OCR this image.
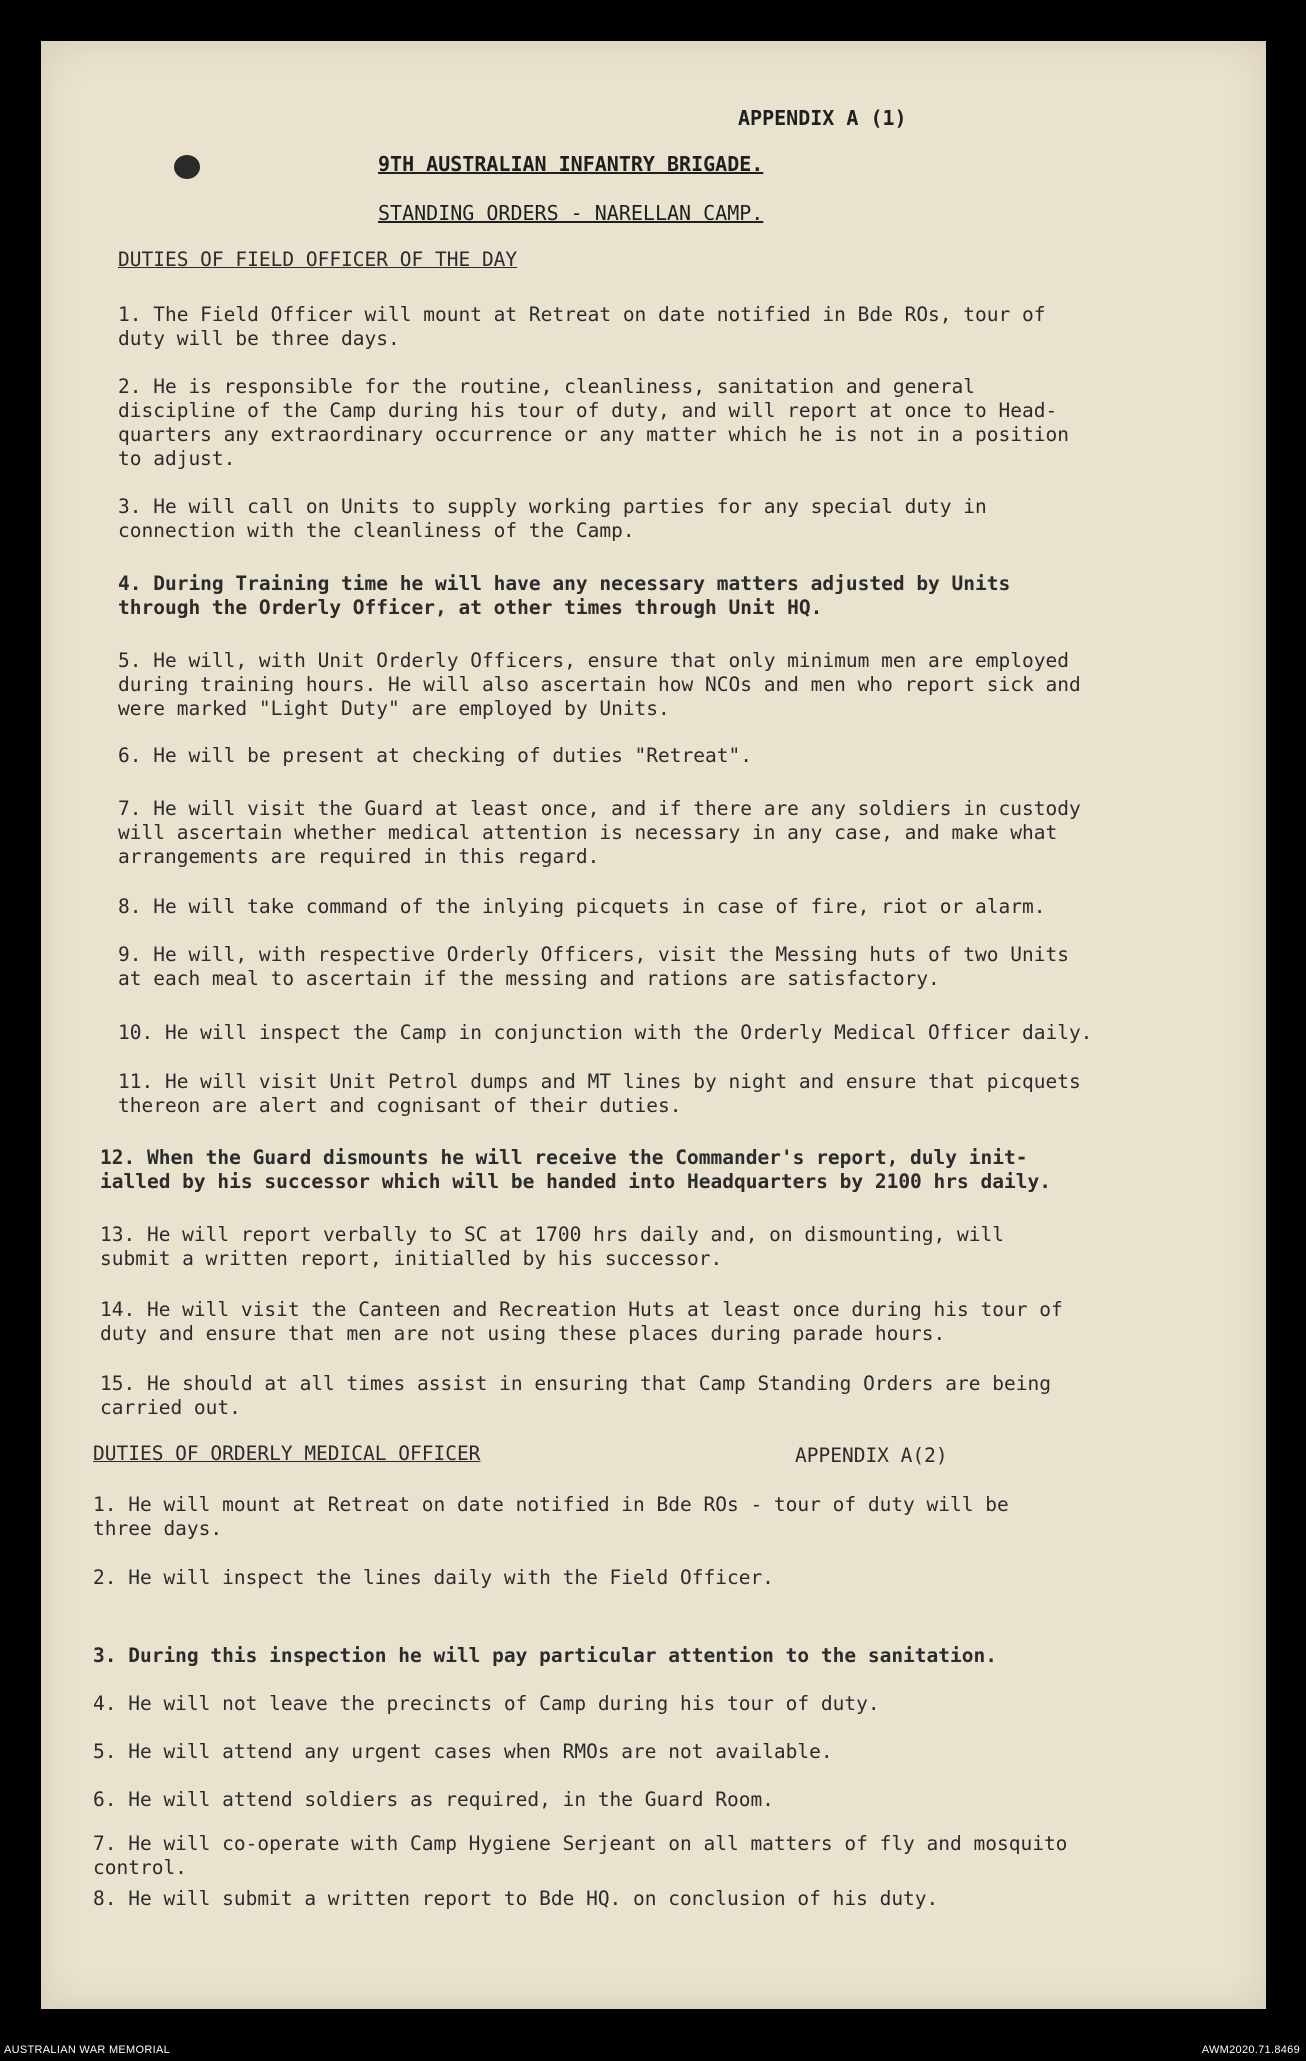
APPENDIX A (1)
9TH AUSTRALIAN INFANTRY BRIGADE.
STANDING ORDERS - NARELLAN CAMP.
DUTIES OF FIELD OFFICER OF THE DAY
1. The Field Officer will mount at Retreat on date notified in Bde ROs, tour of
duty will be three days.
2. He is responsible for the routine, cleanliness, sanitation and general
discipline of the Camp during his tour of duty, and will report at once to Head-
quarters any extraordinary occurrence or any matter which he is not in a position
to adjust.
3. He will call on Units to supply working parties for any special duty in
connection with the cleanliness of the Camp.
4. During Training time he will have any necessary matters adjusted by Units
through the Orderly Officer, at other times through Unit HQ.
5. He will, with Unit Orderly Officers, ensure that only minimum men are employed
during training hours. He will also ascertain how NCOs and men who report sick and
were marked "Light Duty" are employed by Units.
6. He will be present at checking of duties "Retreat".
7. He will visit the Guard at least once, and if there are any soldiers in custody
will ascertain whether medical attention is necessary in any case, and make what
arrangements are required in this regard.
8. He will take command of the inlying picquets in case of fire, riot or alarm.
9. He will, with respective Orderly Officers, visit the Messing huts of two Units
at each meal to ascertain if the messing and rations are satisfactory.
10. He will inspect the Camp in conjunction with the Orderly Medical Officer daily.
11. He will visit Unit Petrol dumps and MT lines by night and ensure that picquets
thereon are alert and cognisant of their duties.
12. When the Guard dismounts he will receive the Commander's report, duly init-
ialled by his successor which will be handed into Headquarters by 2100 hrs daily.
13. He will report verbally to SC at 1700 hrs daily and, on dismounting, will
submit a written report, initialled by his successor.
14. He will visit the Canteen and Recreation Huts at least once during his tour of
duty and ensure that men are not using these places during parade hours.
15. He should at all times assist in ensuring that Camp Standing Orders are being
carried out.
DUTIES OF ORDERLY MEDICAL OFFICER	APPENDIX A(2)
1. He will mount at Retreat on date notified in Bde ROs - tour of duty will be
three days.
2. He will inspect the lines daily with the Field Officer.
3. During this inspection he will pay particular attention to the sanitation.
4. He will not leave the precincts of Camp during his tour of duty.
5. He will attend any urgent cases when RMOs are not available.
6. He will attend soldiers as required, in the Guard Room.
7. He will co-operate with Camp Hygiene Serjeant on all matters of fly and mosquito
control.
8. He will submit a written report to Bde HQ. on conclusion of his duty.
AUSTRALIAN WAR MEMORIAL	AWM2020.71.8469
